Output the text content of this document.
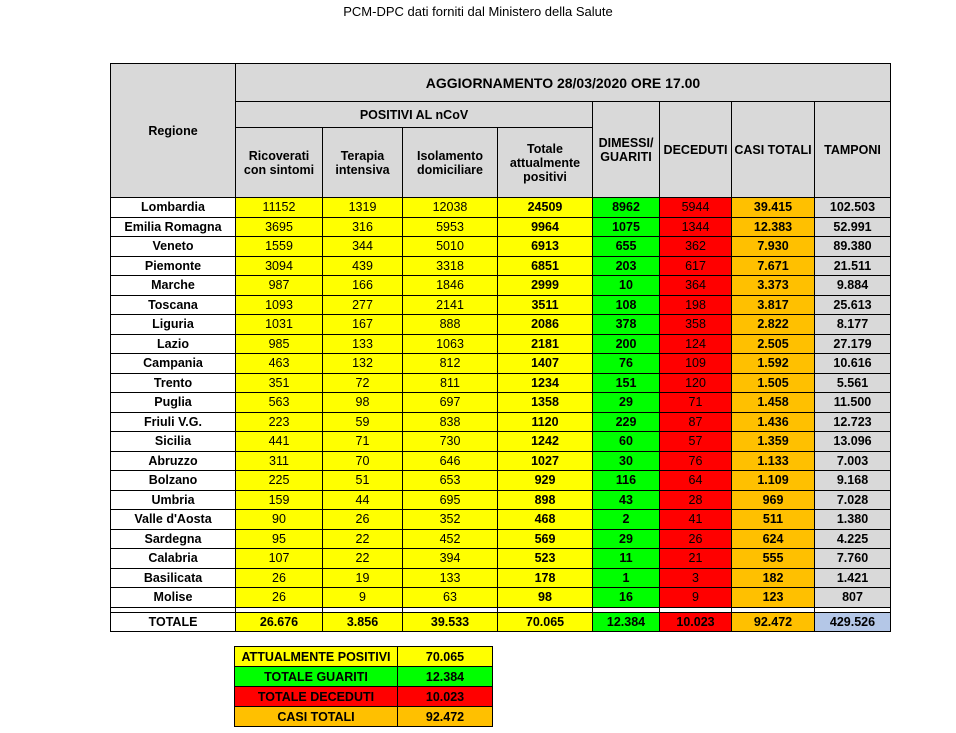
PCM-DPC dati forniti dal Ministero della Salute
Regione	AGGIORNAMENTO 28/03/2020 ORE 17.00							
	POSITIVI AL nCoV				DIMESSI/ GUARITI	DECEDUTI	CASI TOTALI	TAMPONI
	Ricoverati con sintomi	Terapia intensiva	Isolamento domiciliare	Totale attualmente positivi				
Lombardia	11152	1319	12038	24509	8962	5944	39.415	102.503
Emilia Romagna	3695	316	5953	9964	1075	1344	12.383	52.991
Veneto	1559	344	5010	6913	655	362	7.930	89.380
Piemonte	3094	439	3318	6851	203	617	7.671	21.511
Marche	987	166	1846	2999	10	364	3.373	9.884
Toscana	1093	277	2141	3511	108	198	3.817	25.613
Liguria	1031	167	888	2086	378	358	2.822	8.177
Lazio	985	133	1063	2181	200	124	2.505	27.179
Campania	463	132	812	1407	76	109	1.592	10.616
Trento	351	72	811	1234	151	120	1.505	5.561
Puglia	563	98	697	1358	29	71	1.458	11.500
Friuli V.G.	223	59	838	1120	229	87	1.436	12.723
Sicilia	441	71	730	1242	60	57	1.359	13.096
Abruzzo	311	70	646	1027	30	76	1.133	7.003
Bolzano	225	51	653	929	116	64	1.109	9.168
Umbria	159	44	695	898	43	28	969	7.028
Valle d'Aosta	90	26	352	468	2	41	511	1.380
Sardegna	95	22	452	569	29	26	624	4.225
Calabria	107	22	394	523	11	21	555	7.760
Basilicata	26	19	133	178	1	3	182	1.421
Molise	26	9	63	98	16	9	123	807

TOTALE	26.676	3.856	39.533	70.065	12.384	10.023	92.472	429.526
ATTUALMENTE POSITIVI	70.065
TOTALE GUARITI	12.384
TOTALE DECEDUTI	10.023
CASI TOTALI	92.472
